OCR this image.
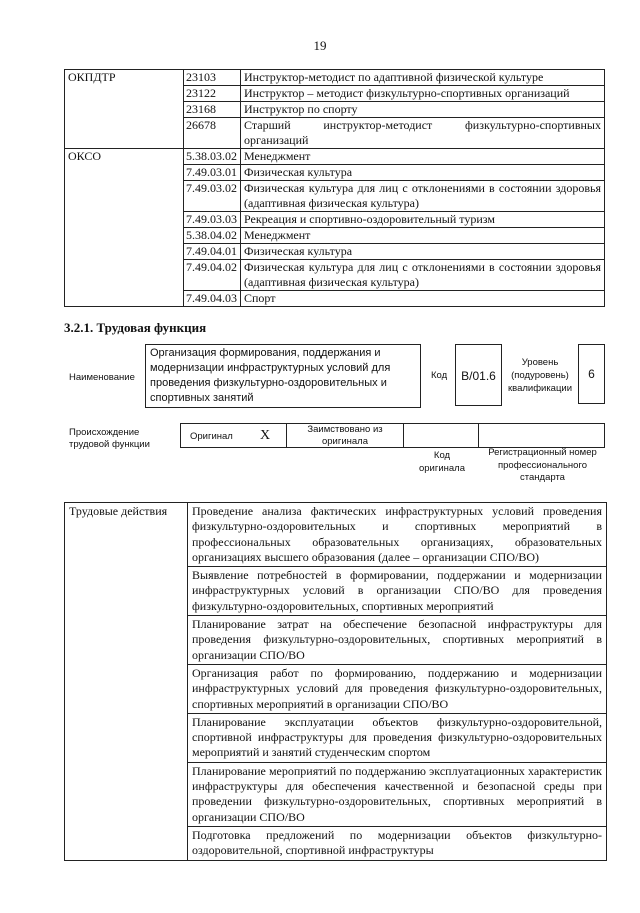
19
ОКПДТР	23103	Инструктор-методист по адаптивной физической культуре
	23122	Инструктор – методист физкультурно-спортивных организаций
	23168	Инструктор по спорту
	26678	Старший инструктор-методист физкультурно-спортивных организаций
ОКСО	5.38.03.02	Менеджмент
	7.49.03.01	Физическая культура
	7.49.03.02	Физическая культура для лиц с отклонениями в состоянии здоровья (адаптивная физическая культура)
	7.49.03.03	Рекреация и спортивно-оздоровительный туризм
	5.38.04.02	Менеджмент
	7.49.04.01	Физическая культура
	7.49.04.02	Физическая культура для лиц с отклонениями в состоянии здоровья (адаптивная физическая культура)
	7.49.04.03	Спорт
3.2.1. Трудовая функция
Наименование
Организация формирования, поддержания и модернизации инфраструктурных условий для проведения физкультурно-оздоровительных и спортивных занятий
Код	B/01.6
Уровень (подуровень) квалификации
6
Происхождение трудовой функции
Оригинал X	Заимствовано из оригинала
Код оригинала
Регистрационный номер профессионального стандарта
Трудовые действия	Проведение анализа фактических инфраструктурных условий проведения физкультурно-оздоровительных и спортивных мероприятий в профессиональных образовательных организациях, образовательных организациях высшего образования (далее – организации СПО/ВО)
Выявление потребностей в формировании, поддержании и модернизации инфраструктурных условий в организации СПО/ВО для проведения физкультурно-оздоровительных, спортивных мероприятий
Планирование затрат на обеспечение безопасной инфраструктуры для проведения физкультурно-оздоровительных, спортивных мероприятий в организации СПО/ВО
Организация работ по формированию, поддержанию и модернизации инфраструктурных условий для проведения физкультурно-оздоровительных, спортивных мероприятий в организации СПО/ВО
Планирование эксплуатации объектов физкультурно-оздоровительной, спортивной инфраструктуры для проведения физкультурно-оздоровительных мероприятий и занятий студенческим спортом
Планирование мероприятий по поддержанию эксплуатационных характеристик инфраструктуры для обеспечения качественной и безопасной среды при проведении физкультурно-оздоровительных, спортивных мероприятий в организации СПО/ВО
Подготовка предложений по модернизации объектов физкультурно-оздоровительной, спортивной инфраструктуры
